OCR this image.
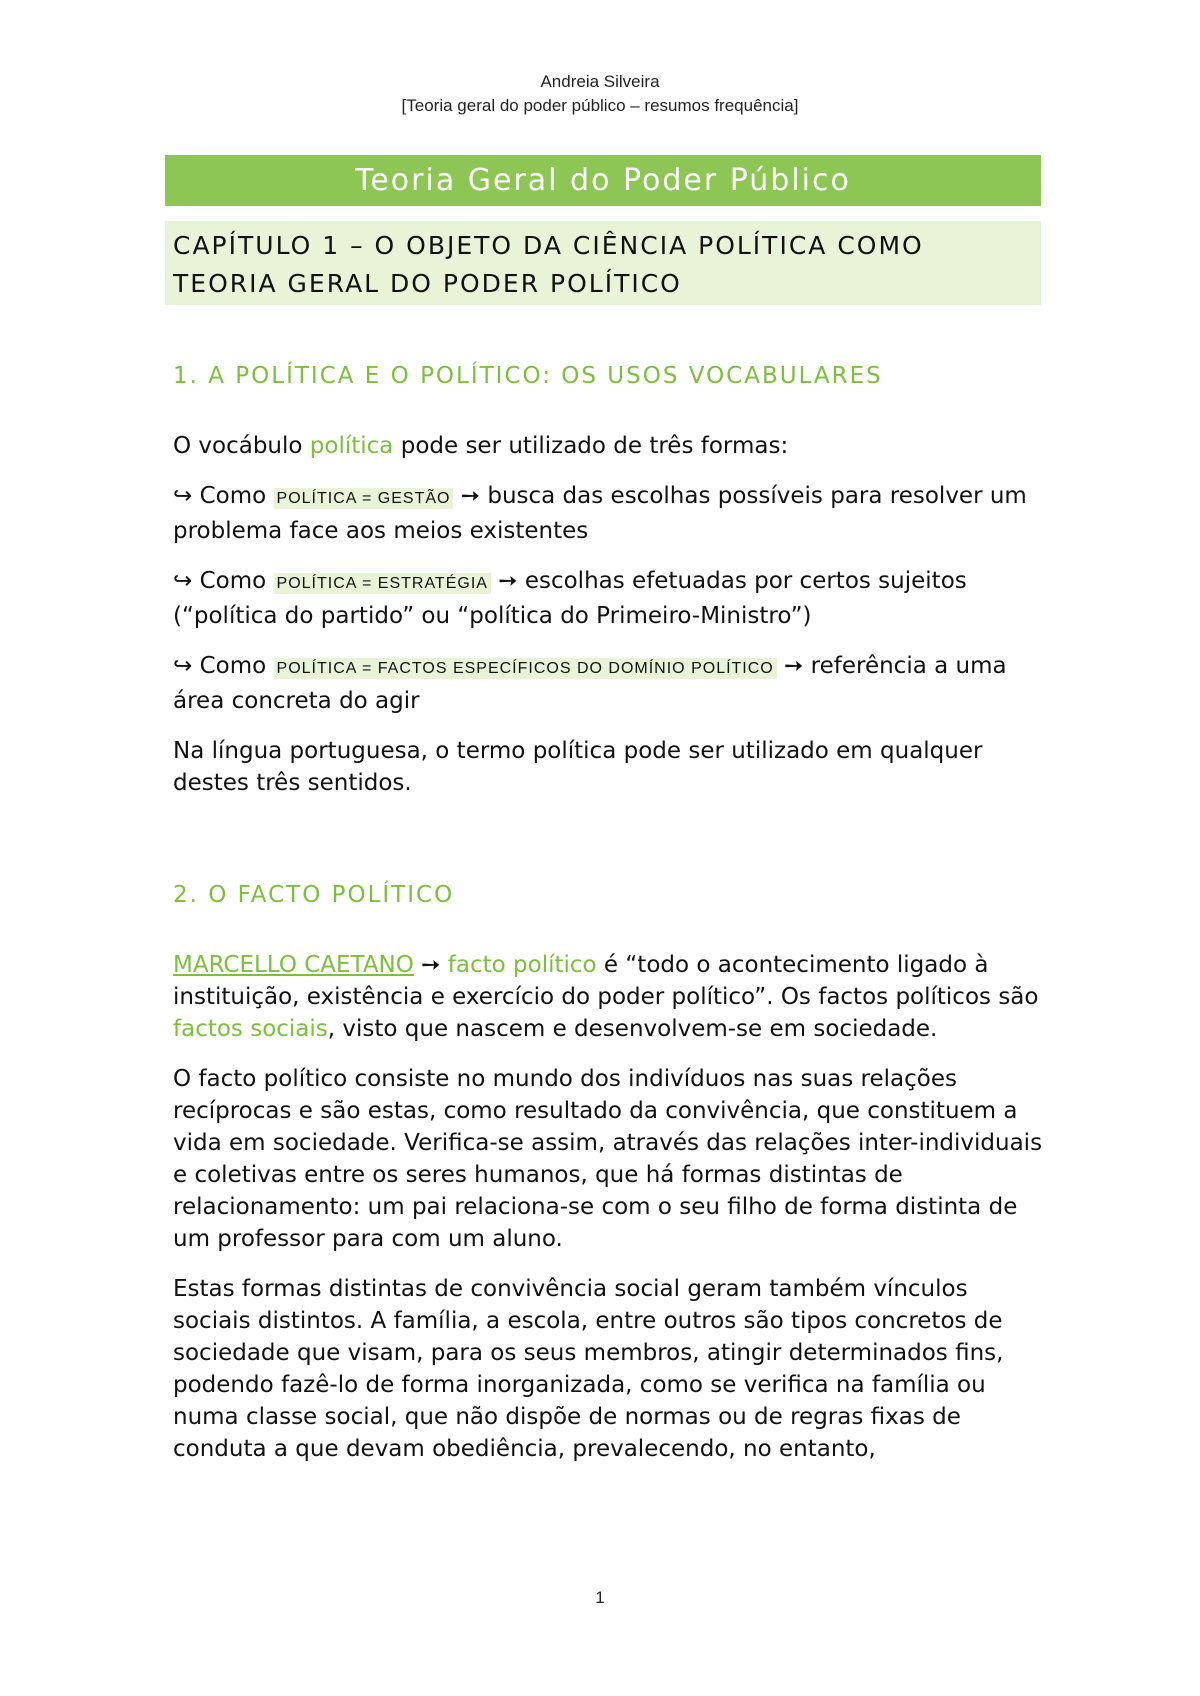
Andreia Silveira
[Teoria geral do poder público – resumos frequência]
Teoria Geral do Poder Público
CAPÍTULO 1 – O OBJETO DA CIÊNCIA POLÍTICA COMO TEORIA GERAL DO PODER POLÍTICO
1. A POLÍTICA E O POLÍTICO: OS USOS VOCABULARES

O vocábulo política pode ser utilizado de três formas:

↪ Como POLÍTICA = GESTÃO ➙ busca das escolhas possíveis para resolver um problema face aos meios existentes

↪ Como POLÍTICA = ESTRATÉGIA ➙ escolhas efetuadas por certos sujeitos (“política do partido” ou “política do Primeiro-Ministro”)

↪ Como POLÍTICA = FACTOS ESPECÍFICOS DO DOMÍNIO POLÍTICO ➙ referência a uma área concreta do agir

Na língua portuguesa, o termo política pode ser utilizado em qualquer destes três sentidos.

2. O FACTO POLÍTICO

MARCELLO CAETANO ➙ facto político é “todo o acontecimento ligado à instituição, existência e exercício do poder político”. Os factos políticos são factos sociais, visto que nascem e desenvolvem-se em sociedade.

O facto político consiste no mundo dos indivíduos nas suas relações recíprocas e são estas, como resultado da convivência, que constituem a vida em sociedade. Verifica-se assim, através das relações inter-individuais e coletivas entre os seres humanos, que há formas distintas de relacionamento: um pai relaciona-se com o seu filho de forma distinta de um professor para com um aluno.

Estas formas distintas de convivência social geram também vínculos sociais distintos. A família, a escola, entre outros são tipos concretos de sociedade que visam, para os seus membros, atingir determinados fins, podendo fazê-lo de forma inorganizada, como se verifica na família ou numa classe social, que não dispõe de normas ou de regras fixas de conduta a que devam obediência, prevalecendo, no entanto,

1
